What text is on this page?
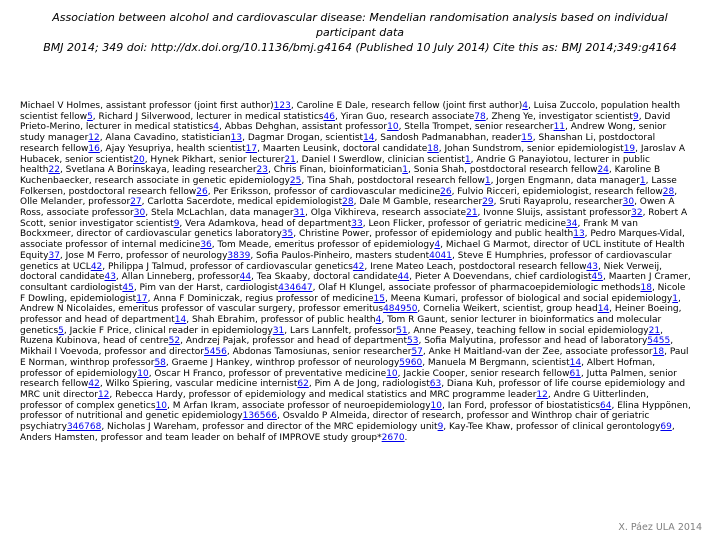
Association between alcohol and cardiovascular disease: Mendelian randomisation analysis based on individual participant data
BMJ 2014; 349 doi: http://dx.doi.org/10.1136/bmj.g4164 (Published 10 July 2014) Cite this as: BMJ 2014;349:g4164
Michael V Holmes, assistant professor (joint first author)123, Caroline E Dale, research fellow (joint first author)4, Luisa Zuccolo, population health scientist fellow5, Richard J Silverwood, lecturer in medical statistics46, Yiran Guo, research associate78, Zheng Ye, investigator scientist9, David Prieto-Merino, lecturer in medical statistics4, Abbas Dehghan, assistant professor10, Stella Trompet, senior researcher11, Andrew Wong, senior study manager12, Alana Cavadino, statistician13, Dagmar Drogan, scientist14, Sandosh Padmanabhan, reader15, Shanshan Li, postdoctoral research fellow16, Ajay Yesupriya, health scientist17, Maarten Leusink, doctoral candidate18, Johan Sundstrom, senior epidemiologist19, Jaroslav A Hubacek, senior scientist20, Hynek Pikhart, senior lecturer21, Daniel I Swerdlow, clinician scientist1, Andrie G Panayiotou, lecturer in public health22, Svetlana A Borinskaya, leading researcher23, Chris Finan, bioinformatician1, Sonia Shah, postdoctoral research fellow24, Karoline B Kuchenbaecker, research associate in genetic epidemiology25, Tina Shah, postdoctoral research fellow1, Jorgen Engmann, data manager1, Lasse Folkersen, postdoctoral research fellow26, Per Eriksson, professor of cardiovascular medicine26, Fulvio Ricceri, epidemiologist, research fellow28, Olle Melander, professor27, Carlotta Sacerdote, medical epidemiologist28, Dale M Gamble, researcher29, Sruti Rayaprolu, researcher30, Owen A Ross, associate professor30, Stela McLachlan, data manager31, Olga Vikhireva, research associate21, Ivonne Sluijs, assistant professor32, Robert A Scott, senior investigator scientist9, Vera Adamkova, head of department33, Leon Flicker, professor of geriatric medicine34, Frank M van Bockxmeer, director of cardiovascular genetics laboratory35, Christine Power, professor of epidemiology and public health13, Pedro Marques-Vidal, associate professor of internal medicine36, Tom Meade, emeritus professor of epidemiology4, Michael G Marmot, director of UCL institute of Health Equity37, Jose M Ferro, professor of neurology3839, Sofia Paulos-Pinheiro, masters student4041, Steve E Humphries, professor of cardiovascular genetics at UCL42, Philippa J Talmud, professor of cardiovascular genetics42, Irene Mateo Leach, postdoctoral research fellow43, Niek Verweij, doctoral candidate43, Allan Linneberg, professor44, Tea Skaaby, doctoral candidate44, Pieter A Doevendans, chief cardiologist45, Maarten J Cramer, consultant cardiologist45, Pim van der Harst, cardiologist434647, Olaf H Klungel, associate professor of pharmacoepidemiologic methods18, Nicole F Dowling, epidemiologist17, Anna F Dominiczak, regius professor of medicine15, Meena Kumari, professor of biological and social epidemiology1, Andrew N Nicolaides, emeritus professor of vascular surgery, professor emeritus484950, Cornelia Weikert, scientist, group head14, Heiner Boeing, professor and head of department14, Shah Ebrahim, professor of public health4, Tom R Gaunt, senior lecturer in bioinformatics and molecular genetics5, Jackie F Price, clinical reader in epidemiology31, Lars Lannfelt, professor51, Anne Peasey, teaching fellow in social epidemiology21, Ruzena Kubinova, head of centre52, Andrzej Pajak, professor and head of department53, Sofia Malyutina, professor and head of laboratory5455, Mikhail I Voevoda, professor and director5456, Abdonas Tamosiunas, senior researcher57, Anke H Maitland-van der Zee, associate professor18, Paul E Norman, winthrop professor58, Graeme J Hankey, winthrop professor of neurology5960, Manuela M Bergmann, scientist14, Albert Hofman, professor of epidemiology10, Oscar H Franco, professor of preventative medicine10, Jackie Cooper, senior research fellow61, Jutta Palmen, senior research fellow42, Wilko Spiering, vascular medicine internist62, Pim A de Jong, radiologist63, Diana Kuh, professor of life course epidemiology and MRC unit director12, Rebecca Hardy, professor of epidemiology and medical statistics and MRC programme leader12, Andre G Uitterlinden, professor of complex genetics10, M Arfan Ikram, associate professor of neuroepidemiology10, Ian Ford, professor of biostatistics64, Elina Hyppönen, professor of nutritional and genetic epidemiology136566, Osvaldo P Almeida, director of research, professor and Winthrop chair of geriatric psychiatry346768, Nicholas J Wareham, professor and director of the MRC epidemiology unit9, Kay-Tee Khaw, professor of clinical gerontology69, Anders Hamsten, professor and team leader on behalf of IMPROVE study group*2670.
X. Páez ULA 2014
